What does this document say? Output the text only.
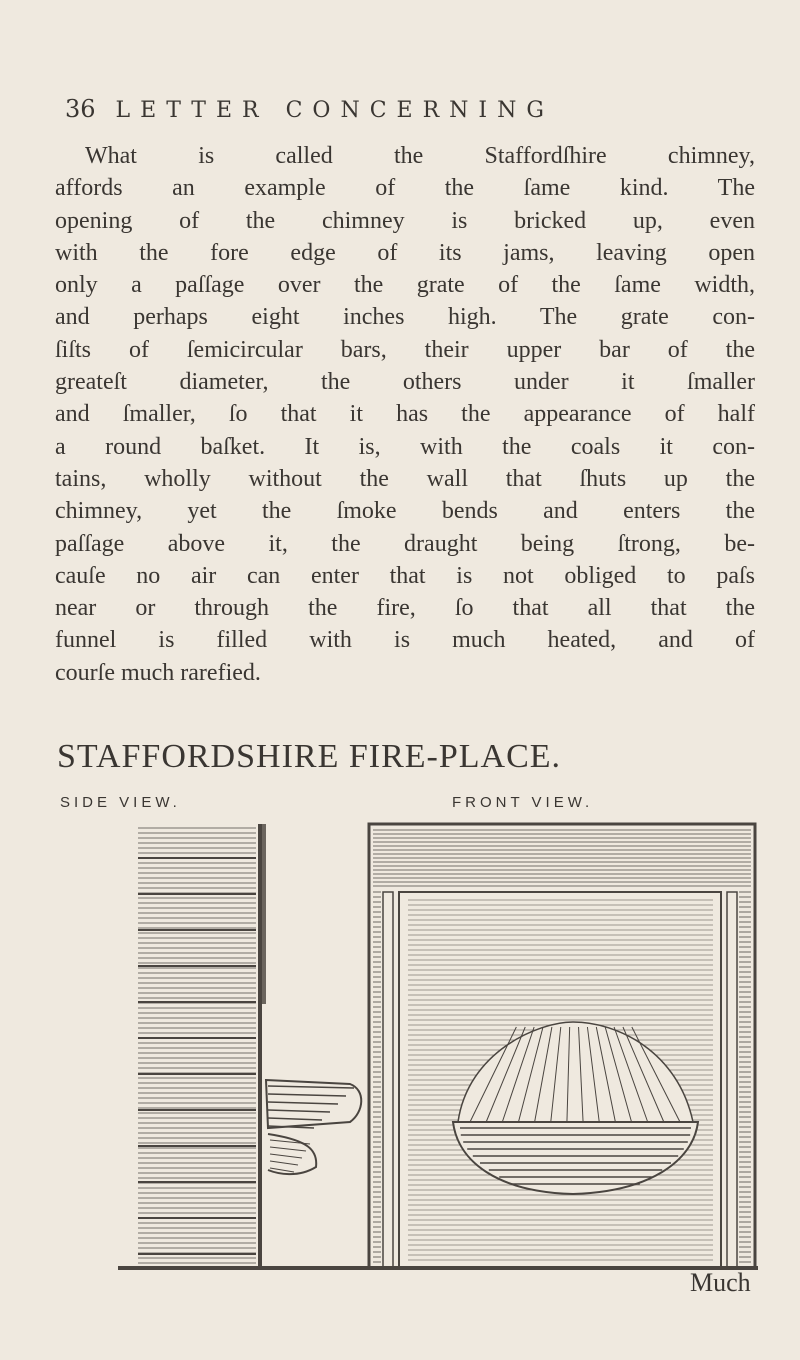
36 LETTER CONCERNING
What is called the Staffordſhire chimney,
affords an example of the ſame kind. The
opening of the chimney is bricked up, even
with the fore edge of its jams, leaving open
only a paſſage over the grate of the ſame width,
and perhaps eight inches high. The grate con-
ſiſts of ſemicircular bars, their upper bar of the
greateſt diameter, the others under it ſmaller
and ſmaller, ſo that it has the appearance of half
a round baſket. It is, with the coals it con-
tains, wholly without the wall that ſhuts up the
chimney, yet the ſmoke bends and enters the
paſſage above it, the draught being ſtrong, be-
cauſe no air can enter that is not obliged to paſs
near or through the fire, ſo that all that the
funnel is filled with is much heated, and of
courſe much rarefied.
STAFFORDSHIRE FIRE-PLACE.
SIDE VIEW.	FRONT VIEW.
Much
